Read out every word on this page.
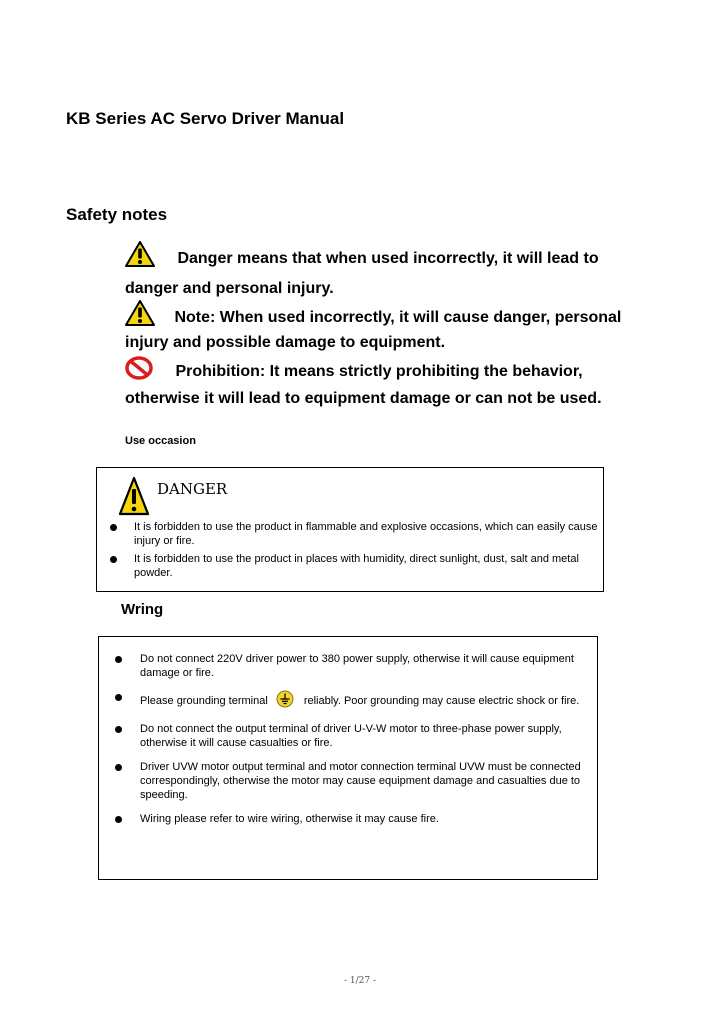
KB Series AC Servo Driver Manual
Safety notes
Danger means that when used incorrectly, it will lead to
danger and personal injury.
Note: When used incorrectly, it will cause danger, personal
injury and possible damage to equipment.
Prohibition: It means strictly prohibiting the behavior,
otherwise it will lead to equipment damage or can not be used.
Use occasion
DANGER
It is forbidden to use the product in flammable and explosive occasions, which can easily cause injury or fire.
It is forbidden to use the product in places with humidity, direct sunlight, dust, salt and metal powder.
Wring
Do not connect 220V driver power to 380 power supply, otherwise it will cause equipment damage or fire.
Please grounding terminal	reliably. Poor grounding may cause electric shock or fire.
Do not connect the output terminal of driver U-V-W motor to three-phase power supply, otherwise it will cause casualties or fire.
Driver UVW motor output terminal and motor connection terminal UVW must be connected correspondingly, otherwise the motor may cause equipment damage and casualties due to speeding.
Wiring please refer to wire wiring, otherwise it may cause fire.
- 1/27 -
